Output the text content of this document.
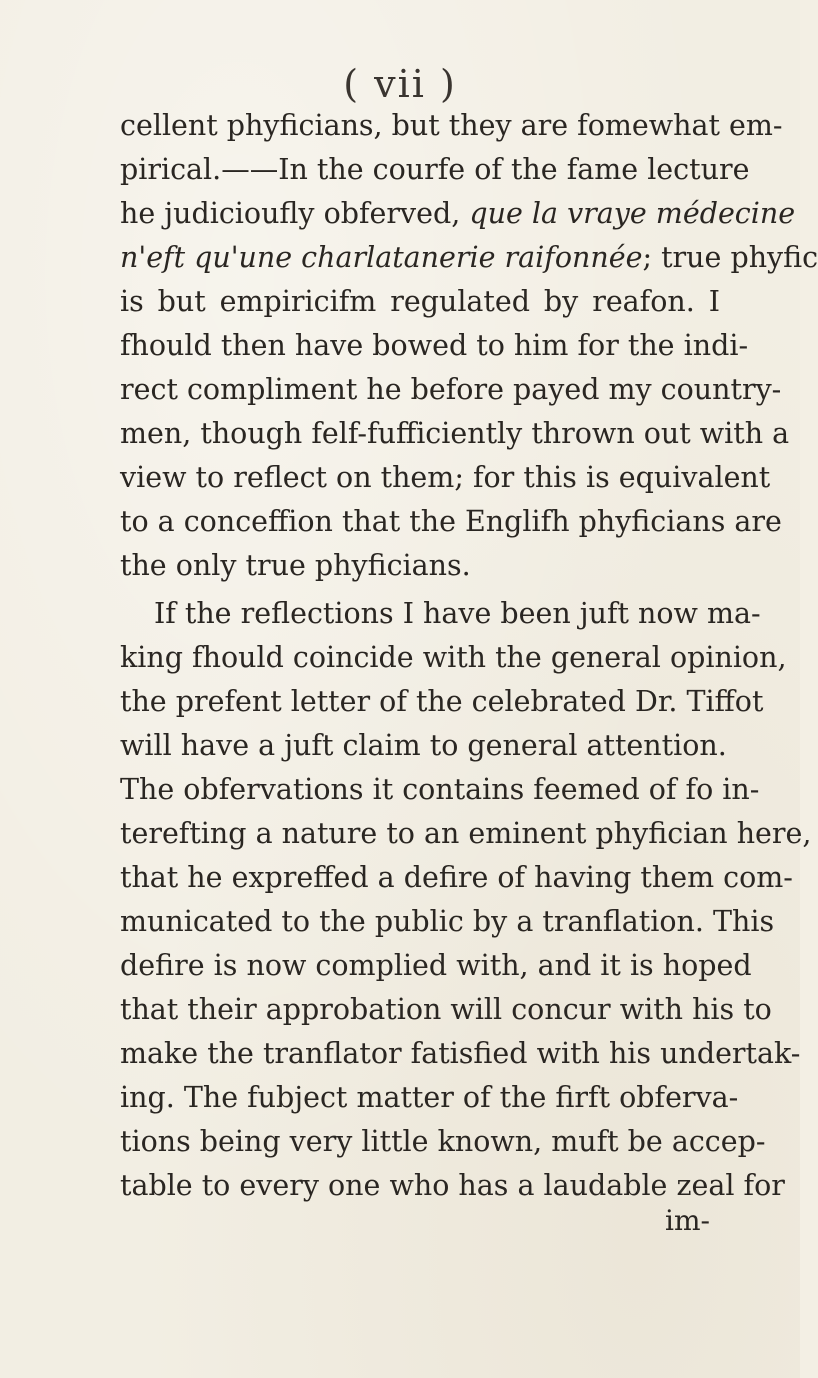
( vii )
cellent phyficians, but they are fomewhat em-
pirical.——In the courfe of the fame lecture
he judicioufly obferved, que la vraye médecine
n'eft qu'une charlatanerie raifonnée; true phyfic
is but empiricifm regulated by reafon. I
fhould then have bowed to him for the indi-
rect compliment he before payed my country-
men, though felf-fufficiently thrown out with a
view to reflect on them; for this is equivalent
to a conceffion that the Englifh phyficians are
the only true phyficians.
If the reflections I have been juft now ma-
king fhould coincide with the general opinion,
the prefent letter of the celebrated Dr. Tiffot
will have a juft claim to general attention.
The obfervations it contains feemed of fo in-
terefting a nature to an eminent phyfician here,
that he expreffed a defire of having them com-
municated to the public by a tranflation. This
defire is now complied with, and it is hoped
that their approbation will concur with his to
make the tranflator fatisfied with his undertak-
ing. The fubject matter of the firft obferva-
tions being very little known, muft be accep-
table to every one who has a laudable zeal for
im-
